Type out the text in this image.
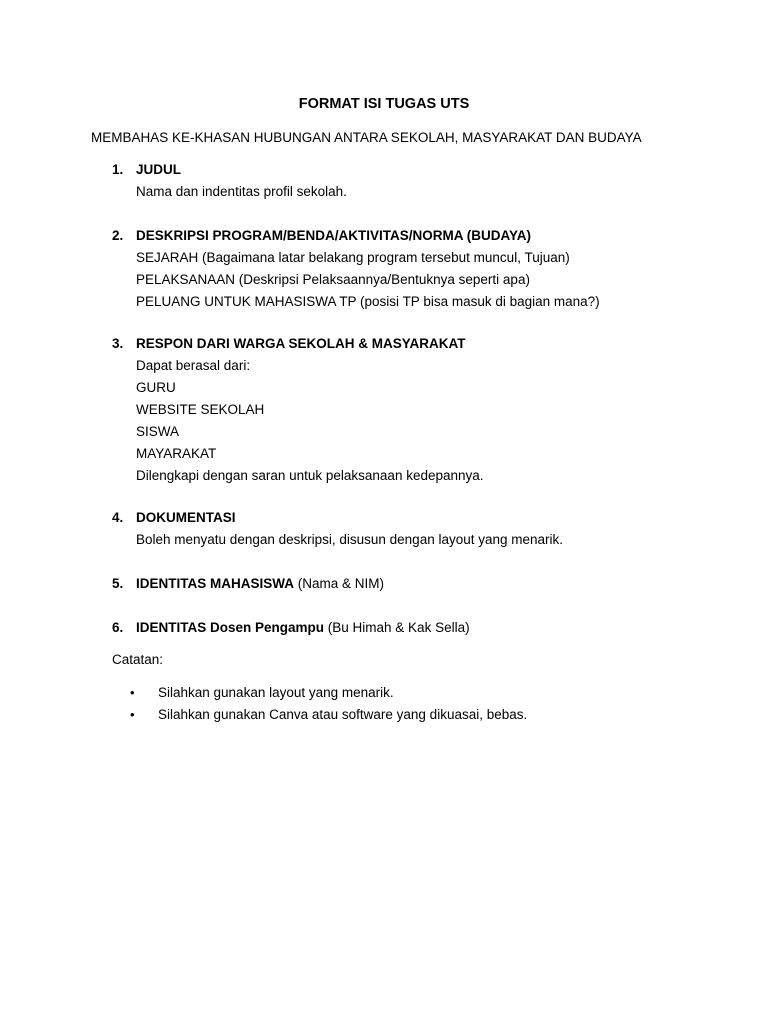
FORMAT ISI TUGAS UTS
MEMBAHAS KE-KHASAN HUBUNGAN ANTARA SEKOLAH, MASYARAKAT DAN BUDAYA
1. JUDUL
Nama dan indentitas profil sekolah.
2. DESKRIPSI PROGRAM/BENDA/AKTIVITAS/NORMA (BUDAYA)
SEJARAH (Bagaimana latar belakang program tersebut muncul, Tujuan)
PELAKSANAAN (Deskripsi Pelaksaannya/Bentuknya seperti apa)
PELUANG UNTUK MAHASISWA TP (posisi TP bisa masuk di bagian mana?)
3. RESPON DARI WARGA SEKOLAH & MASYARAKAT
Dapat berasal dari:
GURU
WEBSITE SEKOLAH
SISWA
MAYARAKAT
Dilengkapi dengan saran untuk pelaksanaan kedepannya.
4. DOKUMENTASI
Boleh menyatu dengan deskripsi, disusun dengan layout yang menarik.
5. IDENTITAS MAHASISWA (Nama & NIM)
6. IDENTITAS Dosen Pengampu (Bu Himah & Kak Sella)
Catatan:
•	Silahkan gunakan layout yang menarik.
•	Silahkan gunakan Canva atau software yang dikuasai, bebas.
